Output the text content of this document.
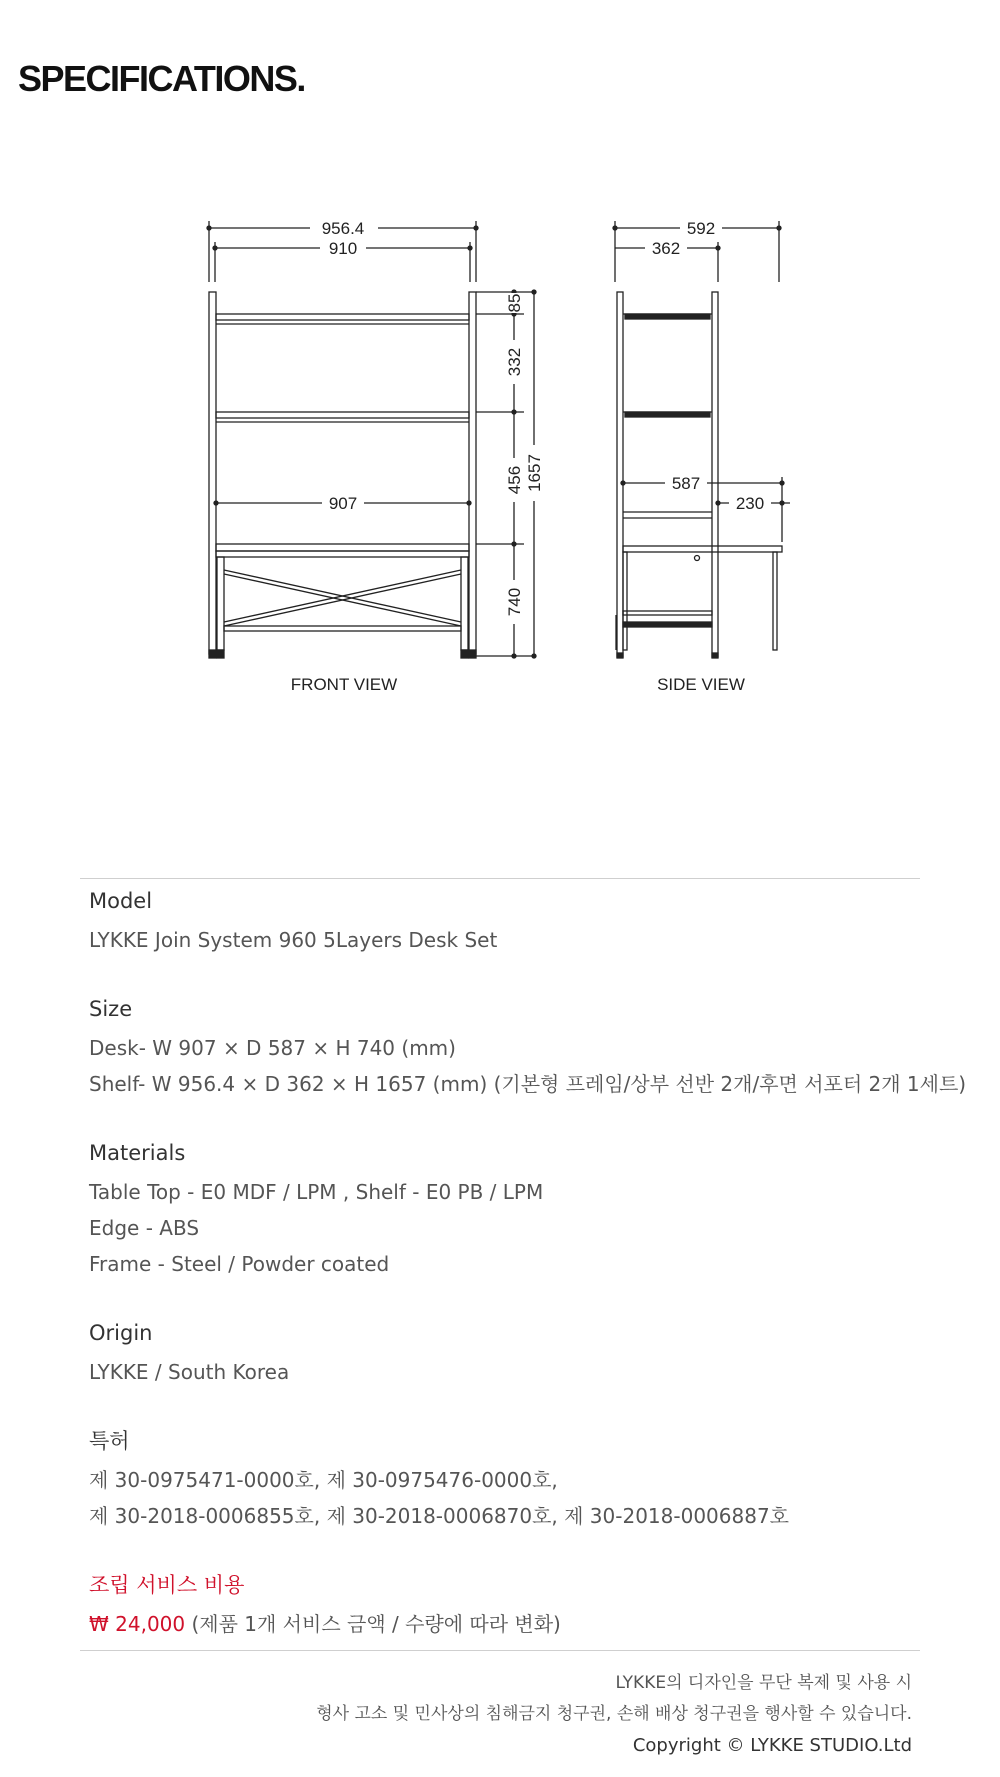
SPECIFICATIONS.
956.4
910
907
85
332
456 1657
740
FRONT VIEW
592
362
587
230
SIDE VIEW

Model

LYKKE Join System 960 5Layers Desk Set

Size

Desk- W 907 × D 587 × H 740 (mm)

Shelf- W 956.4 × D 362 × H 1657 (mm) (기본형 프레임/상부 선반 2개/후면 서포터 2개 1세트)

Materials

Table Top - E0 MDF / LPM , Shelf - E0 PB / LPM

Edge - ABS

Frame - Steel / Powder coated

Origin

LYKKE / South Korea

특허

제 30-0975471-0000호, 제 30-0975476-0000호,

제 30-2018-0006855호, 제 30-2018-0006870호, 제 30-2018-0006887호

조립 서비스 비용

₩ 24,000 (제품 1개 서비스 금액 / 수량에 따라 변화)

LYKKE의 디자인을 무단 복제 및 사용 시

형사 고소 및 민사상의 침해금지 청구권, 손해 배상 청구권을 행사할 수 있습니다.

Copyright © LYKKE STUDIO.Ltd
